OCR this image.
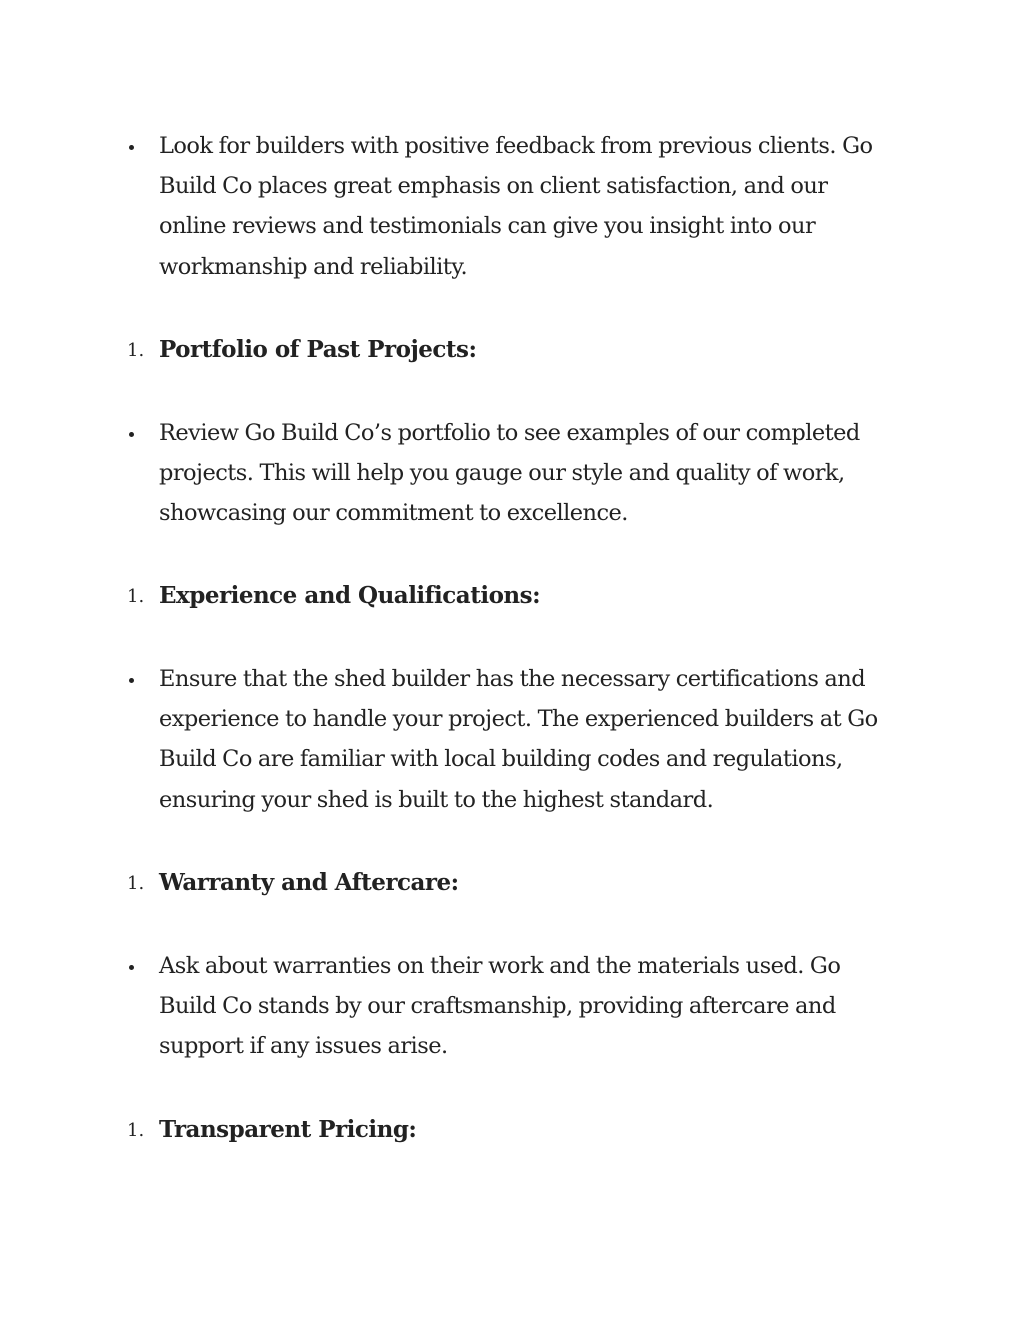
Look for builders with positive feedback from previous clients. Go Build Co places great emphasis on client satisfaction, and our online reviews and testimonials can give you insight into our workmanship and reliability.

1. Portfolio of Past Projects:

Review Go Build Co’s portfolio to see examples of our completed projects. This will help you gauge our style and quality of work, showcasing our commitment to excellence.

1. Experience and Qualifications:

Ensure that the shed builder has the necessary certifications and experience to handle your project. The experienced builders at Go Build Co are familiar with local building codes and regulations, ensuring your shed is built to the highest standard.

1. Warranty and Aftercare:

Ask about warranties on their work and the materials used. Go Build Co stands by our craftsmanship, providing aftercare and support if any issues arise.

1. Transparent Pricing:
